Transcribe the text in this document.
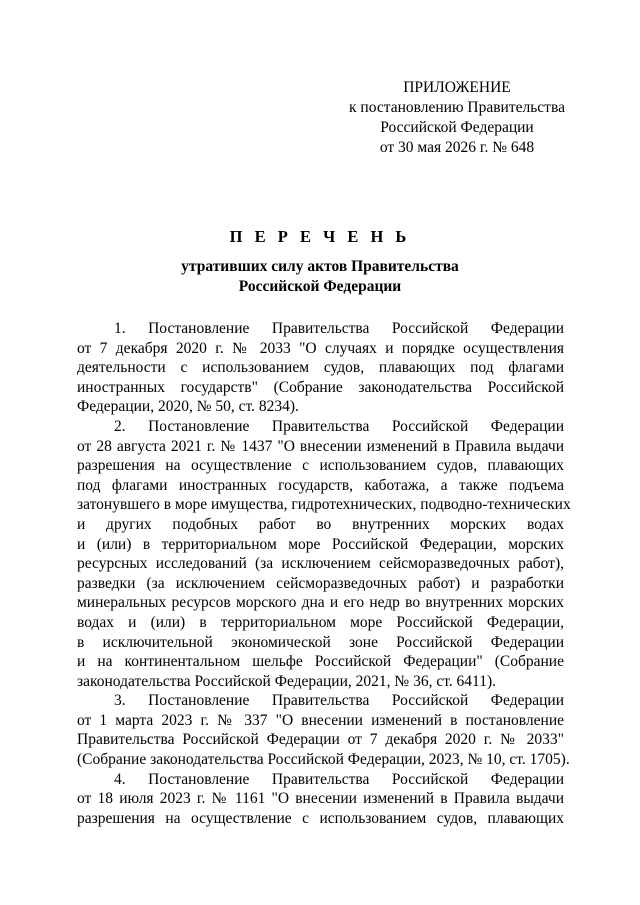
ПРИЛОЖЕНИЕ
к постановлению Правительства
Российской Федерации
от 30 мая 2026 г. № 648
П Е Р Е Ч Е Н Ь
утративших силу актов Правительства
Российской Федерации
1. Постановление Правительства Российской Федерации
от 7 декабря 2020 г. № 2033 "О случаях и порядке осуществления
деятельности с использованием судов, плавающих под флагами
иностранных государств" (Собрание законодательства Российской
Федерации, 2020, № 50, ст. 8234).
2. Постановление Правительства Российской Федерации
от 28 августа 2021 г. № 1437 "О внесении изменений в Правила выдачи
разрешения на осуществление с использованием судов, плавающих
под флагами иностранных государств, каботажа, а также подъема
затонувшего в море имущества, гидротехнических, подводно-технических
и других подобных работ во внутренних морских водах
и (или) в территориальном море Российской Федерации, морских
ресурсных исследований (за исключением сейсморазведочных работ),
разведки (за исключением сейсморазведочных работ) и разработки
минеральных ресурсов морского дна и его недр во внутренних морских
водах и (или) в территориальном море Российской Федерации,
в исключительной экономической зоне Российской Федерации
и на континентальном шельфе Российской Федерации" (Собрание
законодательства Российской Федерации, 2021, № 36, ст. 6411).
3. Постановление Правительства Российской Федерации
от 1 марта 2023 г. № 337 "О внесении изменений в постановление
Правительства Российской Федерации от 7 декабря 2020 г. № 2033"
(Собрание законодательства Российской Федерации, 2023, № 10, ст. 1705).
4. Постановление Правительства Российской Федерации
от 18 июля 2023 г. № 1161 "О внесении изменений в Правила выдачи
разрешения на осуществление с использованием судов, плавающих
